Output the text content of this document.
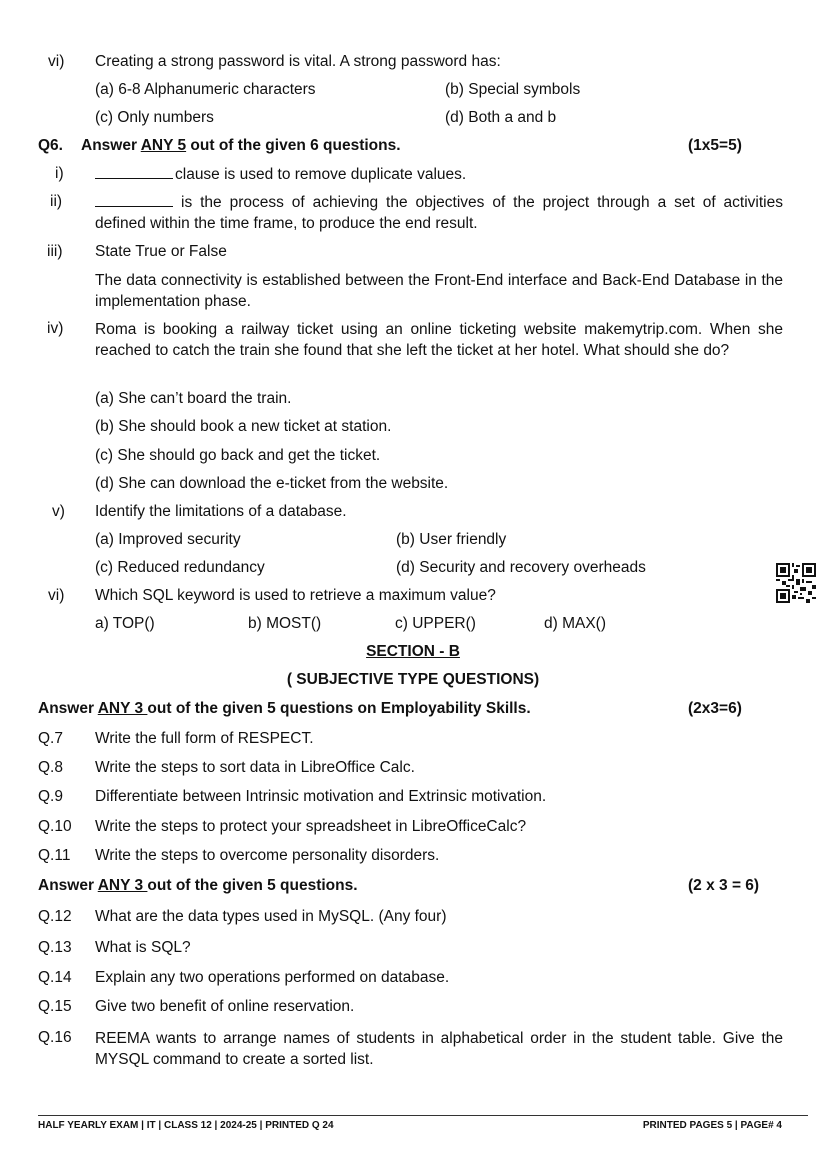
vi) Creating a strong password is vital. A strong password has:
(a) 6-8 Alphanumeric characters	(b) Special symbols
(c) Only numbers	(d) Both a and b
Q6. Answer ANY 5 out of the given 6 questions.	(1x5=5)
i)	clause is used to remove duplicate values.
ii)	is the process of achieving the objectives of the project through a set of activities defined within the time frame, to produce the end result.
iii) State True or False
The data connectivity is established between the Front-End interface and Back-End Database in the implementation phase.
iv) Roma is booking a railway ticket using an online ticketing website makemytrip.com. When she reached to catch the train she found that she left the ticket at her hotel. What should she do?
(a) She can’t board the train.
(b) She should book a new ticket at station.
(c) She should go back and get the ticket.
(d) She can download the e-ticket from the website.
v) Identify the limitations of a database.
(a) Improved security	(b) User friendly
(c) Reduced redundancy	(d) Security and recovery overheads
vi) Which SQL keyword is used to retrieve a maximum value?
a) TOP()	b) MOST()	c) UPPER()	d) MAX()
SECTION - B
( SUBJECTIVE TYPE QUESTIONS)
Answer ANY 3 out of the given 5 questions on Employability Skills.	(2x3=6)
Q.7 Write the full form of RESPECT.
Q.8 Write the steps to sort data in LibreOffice Calc.
Q.9 Differentiate between Intrinsic motivation and Extrinsic motivation.
Q.10 Write the steps to protect your spreadsheet in LibreOfficeCalc?
Q.11 Write the steps to overcome personality disorders.
Answer ANY 3 out of the given 5 questions.	(2 x 3 = 6)
Q.12 What are the data types used in MySQL. (Any four)
Q.13 What is SQL?
Q.14 Explain any two operations performed on database.
Q.15 Give two benefit of online reservation.
Q.16 REEMA wants to arrange names of students in alphabetical order in the student table. Give the MYSQL command to create a sorted list.
HALF YEARLY EXAM | IT | CLASS 12 | 2024-25 | PRINTED Q 24	PRINTED PAGES 5 | PAGE# 4
